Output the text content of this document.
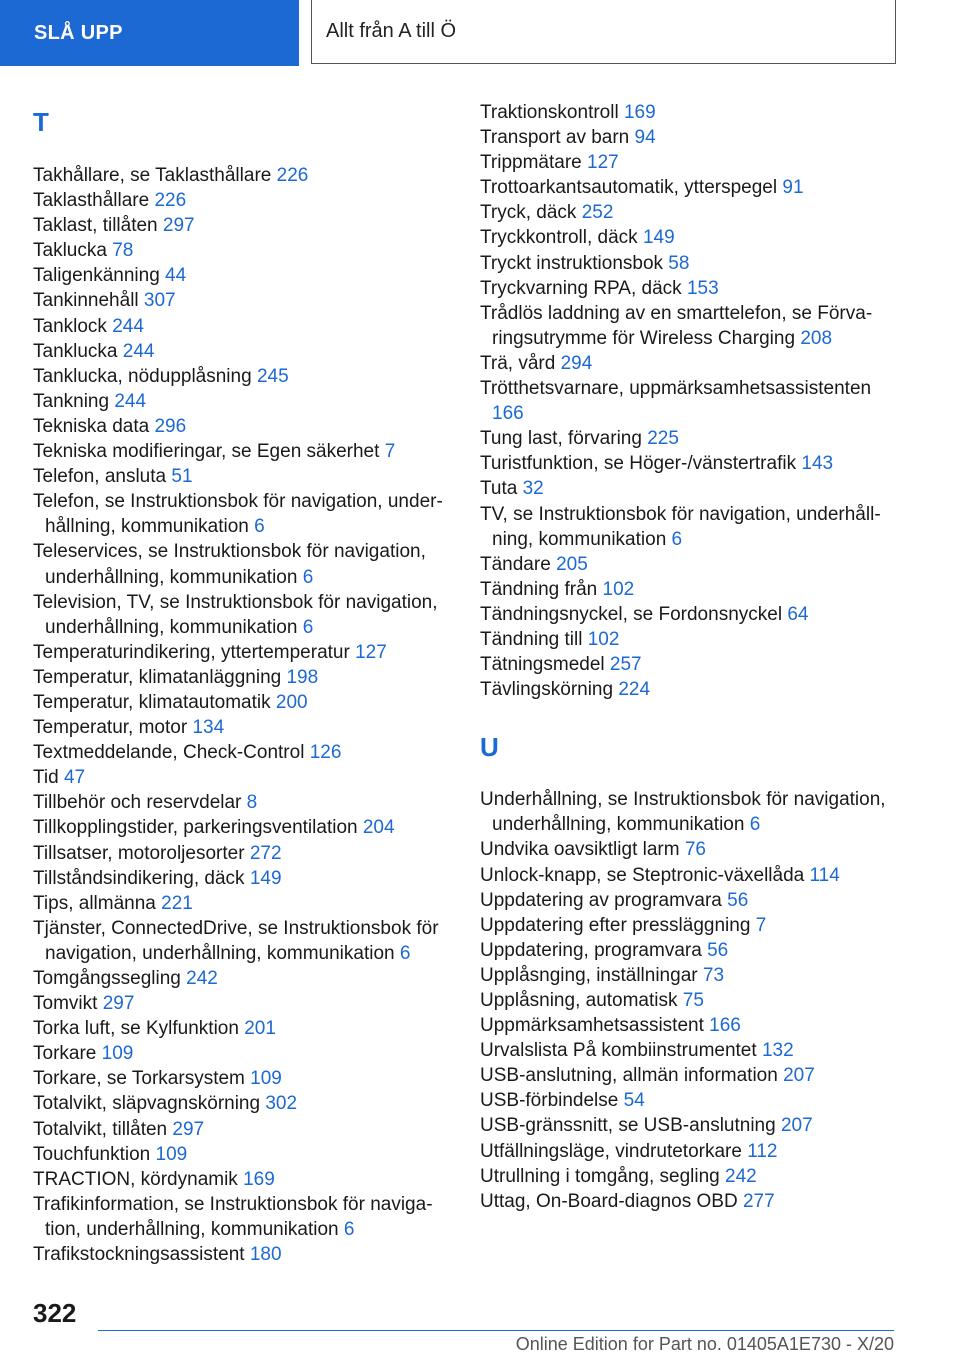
SLÅ UPP	Allt från A till Ö
T
Takhållare, se Taklasthållare 226
Taklasthållare 226
Taklast, tillåten 297
Taklucka 78
Taligenkänning 44
Tankinnehåll 307
Tanklock 244
Tanklucka 244
Tanklucka, nödupplåsning 245
Tankning 244
Tekniska data 296
Tekniska modifieringar, se Egen säkerhet 7
Telefon, ansluta 51
Telefon, se Instruktionsbok för navigation, underhållning, kommunikation 6
Teleservices, se Instruktionsbok för navigation, underhållning, kommunikation 6
Television, TV, se Instruktionsbok för navigation, underhållning, kommunikation 6
Temperaturindikering, yttertemperatur 127
Temperatur, klimatanläggning 198
Temperatur, klimatautomatik 200
Temperatur, motor 134
Textmeddelande, Check-Control 126
Tid 47
Tillbehör och reservdelar 8
Tillkopplingstider, parkeringsventilation 204
Tillsatser, motoroljesorter 272
Tillståndsindikering, däck 149
Tips, allmänna 221
Tjänster, ConnectedDrive, se Instruktionsbok för navigation, underhållning, kommunikation 6
Tomgångssegling 242
Tomvikt 297
Torka luft, se Kylfunktion 201
Torkare 109
Torkare, se Torkarsystem 109
Totalvikt, släpvagnskörning 302
Totalvikt, tillåten 297
Touchfunktion 109
TRACTION, kördynamik 169
Trafikinformation, se Instruktionsbok för navigation, underhållning, kommunikation 6
Trafikstockningsassistent 180
Traktionskontroll 169
Transport av barn 94
Trippmätare 127
Trottoarkantsautomatik, ytterspegel 91
Tryck, däck 252
Tryckkontroll, däck 149
Tryckt instruktionsbok 58
Tryckvarning RPA, däck 153
Trådlös laddning av en smarttelefon, se Förvaringsutrymme för Wireless Charging 208
Trä, vård 294
Trötthetsvarnare, uppmärksamhetsassistenten 166
Tung last, förvaring 225
Turistfunktion, se Höger-/vänstertrafik 143
Tuta 32
TV, se Instruktionsbok för navigation, underhållning, kommunikation 6
Tändare 205
Tändning från 102
Tändningsnyckel, se Fordonsnyckel 64
Tändning till 102
Tätningsmedel 257
Tävlingskörning 224
U
Underhållning, se Instruktionsbok för navigation, underhållning, kommunikation 6
Undvika oavsiktligt larm 76
Unlock-knapp, se Steptronic-växellåda 114
Uppdatering av programvara 56
Uppdatering efter pressläggning 7
Uppdatering, programvara 56
Upplåsnging, inställningar 73
Upplåsning, automatisk 75
Uppmärksamhetsassistent 166
Urvalslista På kombiinstrumentet 132
USB-anslutning, allmän information 207
USB-förbindelse 54
USB-gränssnitt, se USB-anslutning 207
Utfällningsläge, vindrutetorkare 112
Utrullning i tomgång, segling 242
Uttag, On-Board-diagnos OBD 277
322
Online Edition for Part no. 01405A1E730 - X/20
